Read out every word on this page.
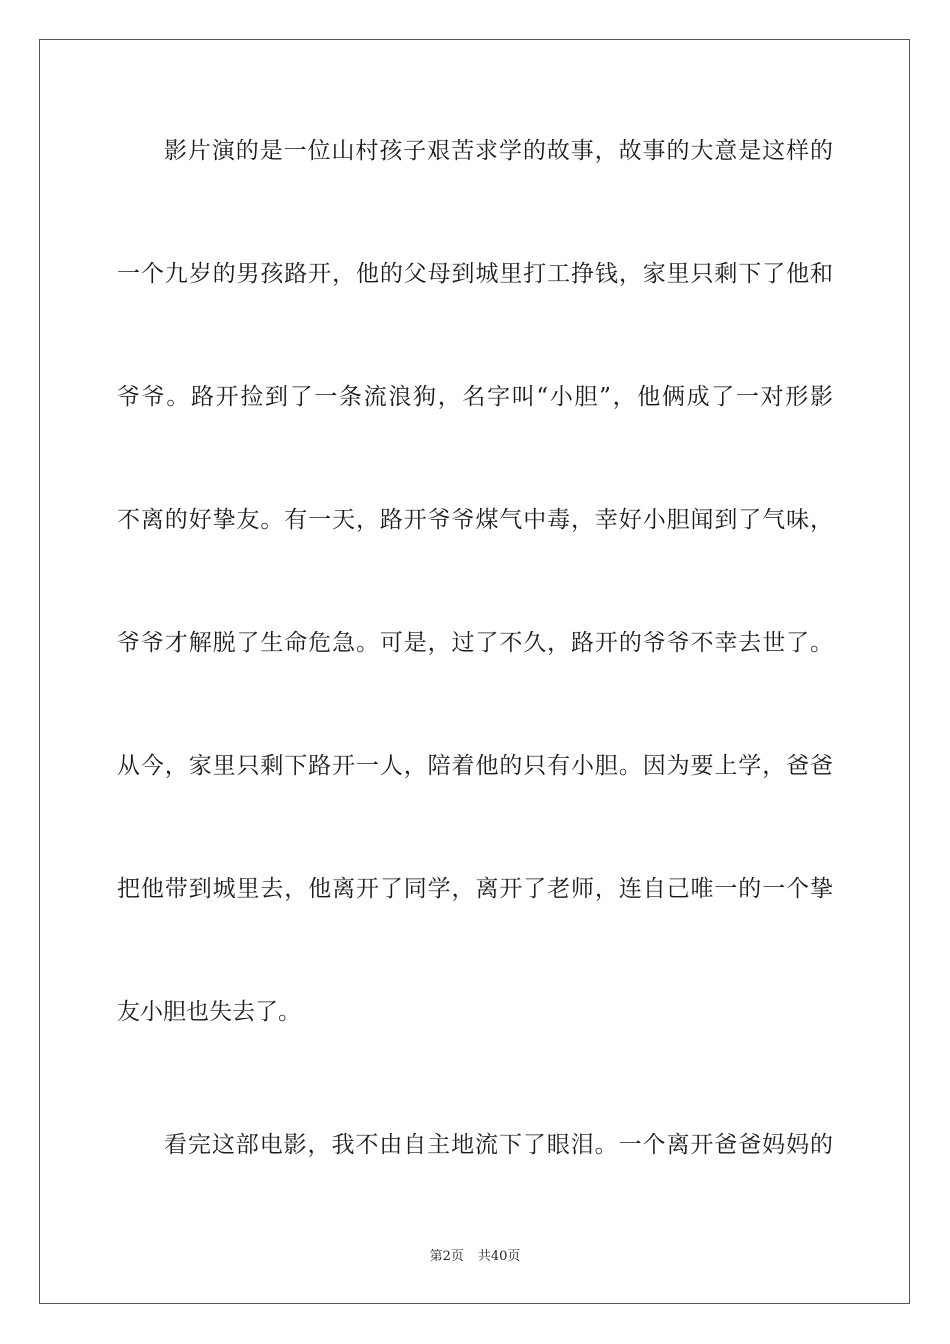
影片演的是一位山村孩子艰苦求学的故事，故事的大意是这样的
一个九岁的男孩路开，他的父母到城里打工挣钱，家里只剩下了他和
爷爷。路开捡到了一条流浪狗，名字叫“小胆”，他俩成了一对形影
不离的好挚友。有一天，路开爷爷煤气中毒，幸好小胆闻到了气味，
爷爷才解脱了生命危急。可是，过了不久，路开的爷爷不幸去世了。
从今，家里只剩下路开一人，陪着他的只有小胆。因为要上学，爸爸
把他带到城里去，他离开了同学，离开了老师，连自己唯一的一个挚
友小胆也失去了。
看完这部电影，我不由自主地流下了眼泪。一个离开爸爸妈妈的
第2页 共40页
